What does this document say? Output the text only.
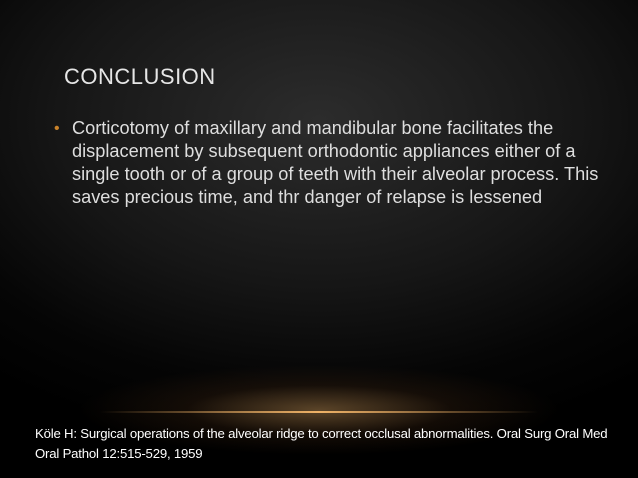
CONCLUSION
• Corticotomy of maxillary and mandibular bone facilitates the displacement by subsequent orthodontic appliances either of a single tooth or of a group of teeth with their alveolar process. This saves precious time, and thr danger of relapse is lessened
Kӧle H: Surgical operations of the alveolar ridge to correct occlusal abnormalities. Oral Surg Oral Med Oral Pathol 12:515-529, 1959
